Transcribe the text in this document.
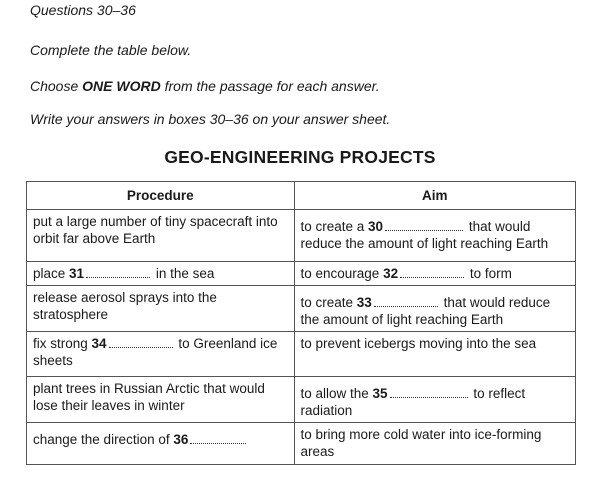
Questions 30–36

Complete the table below.

Choose ONE WORD from the passage for each answer.

Write your answers in boxes 30–36 on your answer sheet.

GEO-ENGINEERING PROJECTS
Procedure	Aim
put a large number of tiny spacecraft into orbit far above Earth	to create a 30 that would reduce the amount of light reaching Earth
place 31 in the sea	to encourage 32 to form
release aerosol sprays into the stratosphere	to create 33 that would reduce the amount of light reaching Earth
fix strong 34 to Greenland ice sheets	to prevent icebergs moving into the sea
plant trees in Russian Arctic that would lose their leaves in winter	to allow the 35 to reflect radiation
change the direction of 36	to bring more cold water into ice-forming areas
